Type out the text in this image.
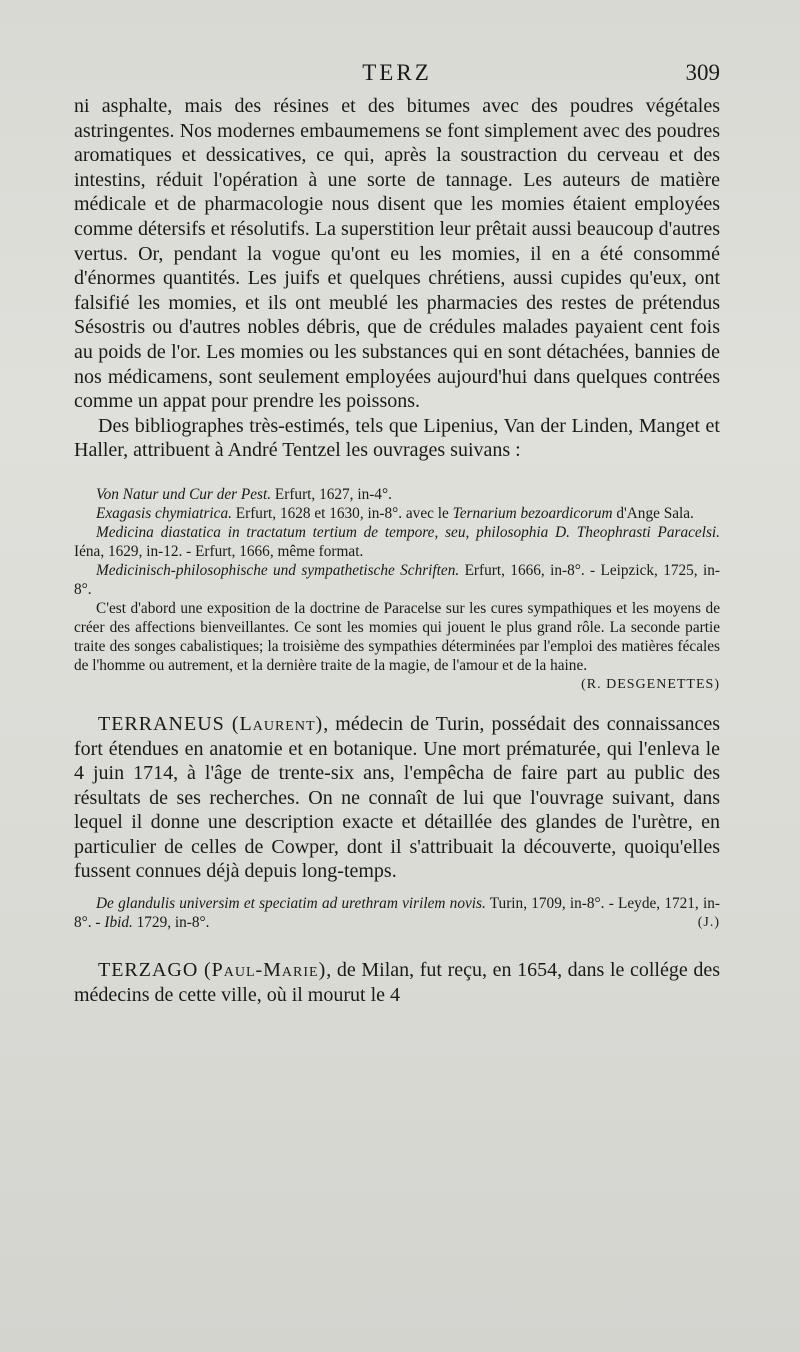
TERZ	309

ni asphalte, mais des résines et des bitumes avec des poudres végétales astringentes. Nos modernes embaumemens se font simplement avec des poudres aromatiques et dessicatives, ce qui, après la soustraction du cerveau et des intestins, réduit l'opération à une sorte de tannage. Les auteurs de matière médicale et de pharmacologie nous disent que les momies étaient employées comme détersifs et résolutifs. La superstition leur prêtait aussi beaucoup d'autres vertus. Or, pendant la vogue qu'ont eu les momies, il en a été consommé d'énormes quantités. Les juifs et quelques chrétiens, aussi cupides qu'eux, ont falsifié les momies, et ils ont meublé les pharmacies des restes de prétendus Sésostris ou d'autres nobles débris, que de crédules malades payaient cent fois au poids de l'or. Les momies ou les substances qui en sont détachées, bannies de nos médicamens, sont seulement employées aujourd'hui dans quelques contrées comme un appat pour prendre les poissons.

Des bibliographes très-estimés, tels que Lipenius, Van der Linden, Manget et Haller, attribuent à André Tentzel les ouvrages suivans :

Von Natur und Cur der Pest. Erfurt, 1627, in-4°.

Exagasis chymiatrica. Erfurt, 1628 et 1630, in-8°. avec le Ternarium bezoardicorum d'Ange Sala.

Medicina diastatica in tractatum tertium de tempore, seu, philosophia D. Theophrasti Paracelsi. Iéna, 1629, in-12. - Erfurt, 1666, même format.

Medicinisch-philosophische und sympathetische Schriften. Erfurt, 1666, in-8°. - Leipzick, 1725, in-8°.

C'est d'abord une exposition de la doctrine de Paracelse sur les cures sympathiques et les moyens de créer des affections bienveillantes. Ce sont les momies qui jouent le plus grand rôle. La seconde partie traite des songes cabalistiques; la troisième des sympathies déterminées par l'emploi des matières fécales de l'homme ou autrement, et la dernière traite de la magie, de l'amour et de la haine.
(R. DESGENETTES)

TERRANEUS (Laurent), médecin de Turin, possédait des connaissances fort étendues en anatomie et en botanique. Une mort prématurée, qui l'enleva le 4 juin 1714, à l'âge de trente-six ans, l'empêcha de faire part au public des résultats de ses recherches. On ne connaît de lui que l'ouvrage suivant, dans lequel il donne une description exacte et détaillée des glandes de l'urètre, en particulier de celles de Cowper, dont il s'attribuait la découverte, quoiqu'elles fussent connues déjà depuis long-temps.

De glandulis universim et speciatim ad urethram virilem novis. Turin, 1709, in-8°. - Leyde, 1721, in-8°. - Ibid. 1729, in-8°.	(J.)

TERZAGO (Paul-Marie), de Milan, fut reçu, en 1654, dans le collége des médecins de cette ville, où il mourut le 4
